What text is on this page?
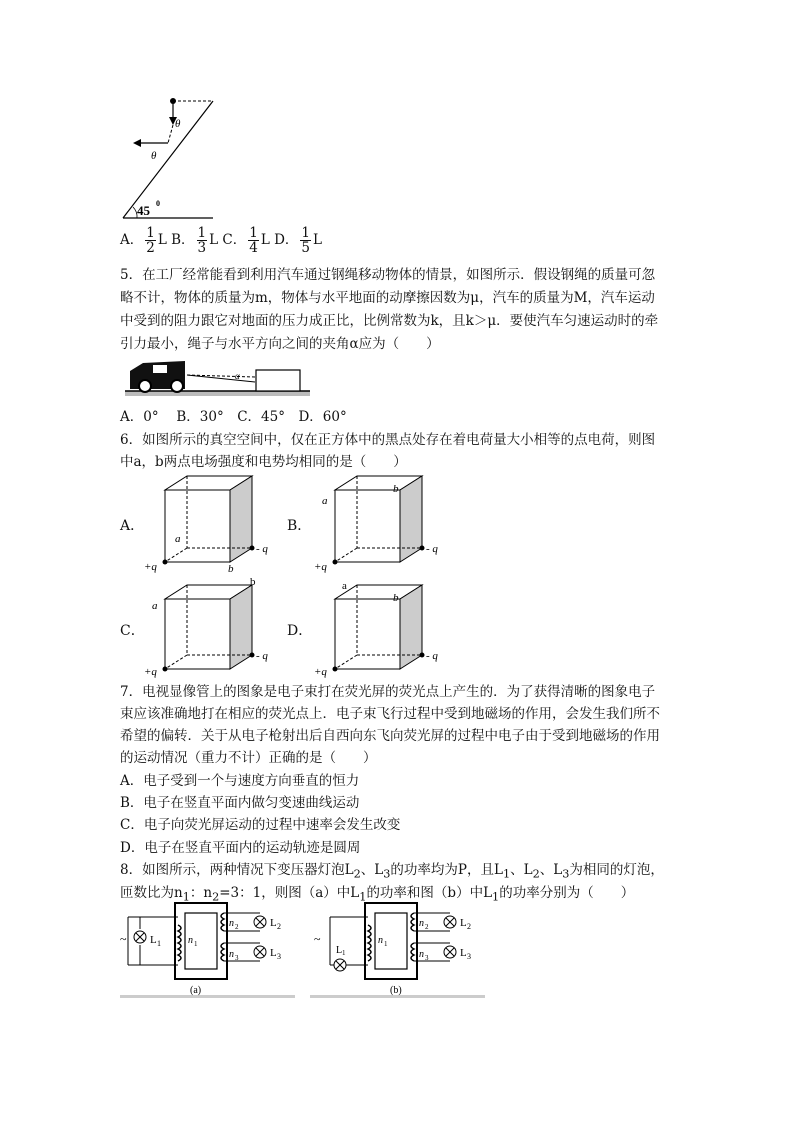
θ
θ
45 0
A． $\frac{1}{2}$ L B． $\frac{1}{3}$ L C． $\frac{1}{4}$ L D． $\frac{1}{5}$ L
5．在工厂经常能看到利用汽车通过钢绳移动物体的情景，如图所示．假设钢绳的质量可忽
略不计，物体的质量为m，物体与水平地面的动摩擦因数为μ，汽车的质量为M，汽车运动
中受到的阻力跟它对地面的压力成正比，比例常数为k，且k＞μ．要使汽车匀速运动时的牵
引力最小，绳子与水平方向之间的夹角α应为（　　）
α
A．0°　 B．30°　C．45°　D．60°
6．如图所示的真空空间中，仅在正方体中的黑点处存在着电荷量大小相等的点电荷，则图
中a，b两点电场强度和电势均相同的是（　　）
A．	B．
C．	D．
+q
- q
a
b	+q
- q
a
b
+q
- q
a
b
+q
- q
a
b
7．电视显像管上的图象是电子束打在荧光屏的荧光点上产生的．为了获得清晰的图象电子
束应该准确地打在相应的荧光点上．电子束飞行过程中受到地磁场的作用，会发生我们所不
希望的偏转．关于从电子枪射出后自西向东飞向荧光屏的过程中电子由于受到地磁场的作用
的运动情况（重力不计）正确的是（　　）
A．电子受到一个与速度方向垂直的恒力
B．电子在竖直平面内做匀变速曲线运动
C．电子向荧光屏运动的过程中速率会发生改变
D．电子在竖直平面内的运动轨迹是圆周
8．如图所示，两种情况下变压器灯泡$L_2$、$L_3$的功率均为P，且$L_1$、$L_2$、$L_3$为相同的灯泡，
匝数比为$n_1$：$n_2=3$：1，则图（a）中$L_1$的功率和图（b）中$L_1$的功率分别为（　　）
~ L 1	n 1
n 2
n 3
L 2
L 3
(a)
~
L 1
n 1
n 2
n 3
L 2
L 3
(b)
